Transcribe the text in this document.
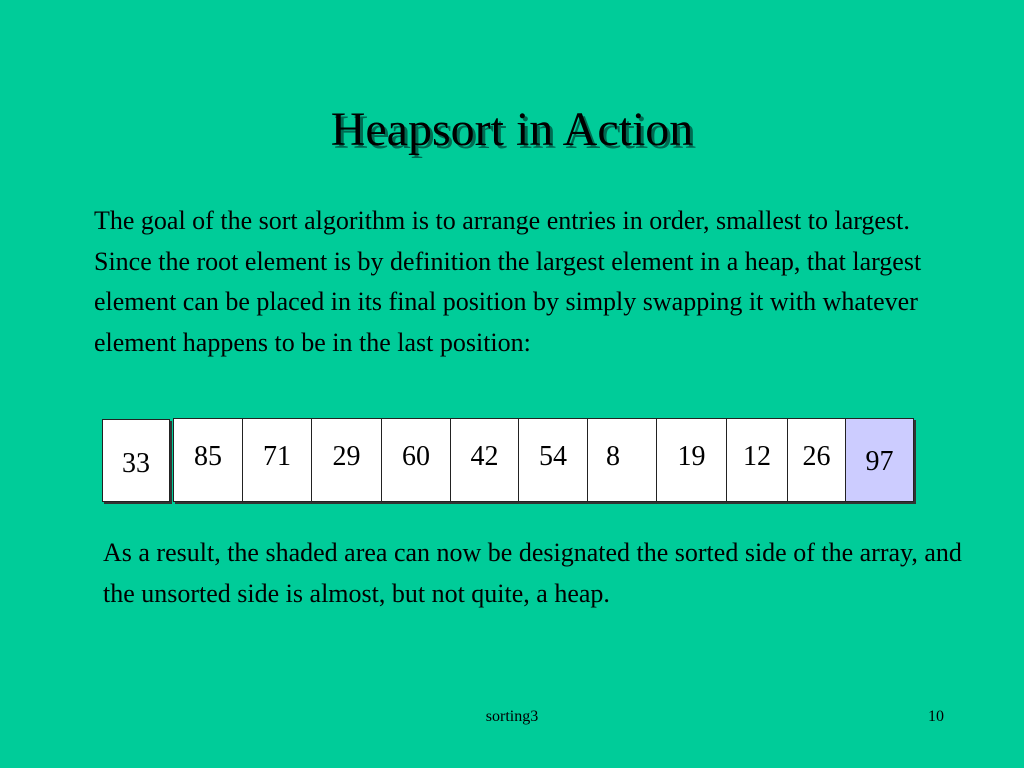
Heapsort in Action

The goal of the sort algorithm is to arrange entries in order, smallest to largest. Since the root element is by definition the largest element in a heap, that largest element can be placed in its final position by simply swapping it with whatever element happens to be in the last position:

33	85	71	29	60	42	54	8	19	12	26	97

As a result, the shaded area can now be designated the sorted side of the array, and the unsorted side is almost, but not quite, a heap.

sorting3	10
